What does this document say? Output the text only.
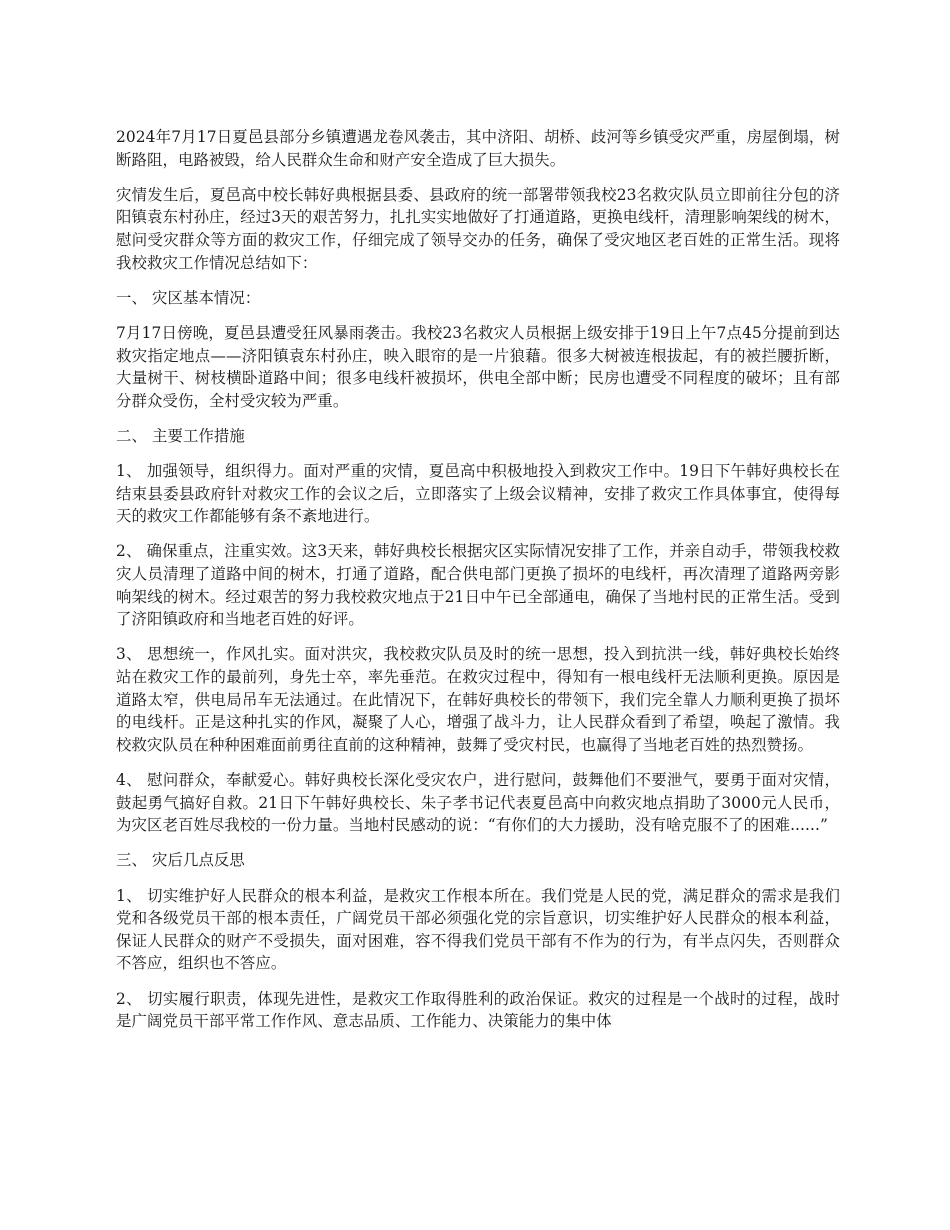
2024年7月17日夏邑县部分乡镇遭遇龙卷风袭击，其中济阳、胡桥、歧河等乡镇受灾严重，房屋倒塌，树断路阻，电路被毁，给人民群众生命和财产安全造成了巨大损失。

灾情发生后，夏邑高中校长韩好典根据县委、县政府的统一部署带领我校23名救灾队员立即前往分包的济阳镇袁东村孙庄，经过3天的艰苦努力，扎扎实实地做好了打通道路，更换电线杆，清理影响架线的树木，慰问受灾群众等方面的救灾工作，仔细完成了领导交办的任务，确保了受灾地区老百姓的正常生活。现将我校救灾工作情况总结如下：

一、 灾区基本情况：

7月17日傍晚，夏邑县遭受狂风暴雨袭击。我校23名救灾人员根据上级安排于19日上午7点45分提前到达救灾指定地点——济阳镇袁东村孙庄，映入眼帘的是一片狼藉。很多大树被连根拔起，有的被拦腰折断，大量树干、树枝横卧道路中间；很多电线杆被损坏，供电全部中断；民房也遭受不同程度的破坏；且有部分群众受伤，全村受灾较为严重。

二、 主要工作措施

1、 加强领导，组织得力。面对严重的灾情，夏邑高中积极地投入到救灾工作中。19日下午韩好典校长在结束县委县政府针对救灾工作的会议之后，立即落实了上级会议精神，安排了救灾工作具体事宜，使得每天的救灾工作都能够有条不紊地进行。

2、 确保重点，注重实效。这3天来，韩好典校长根据灾区实际情况安排了工作，并亲自动手，带领我校救灾人员清理了道路中间的树木，打通了道路，配合供电部门更换了损坏的电线杆，再次清理了道路两旁影响架线的树木。经过艰苦的努力我校救灾地点于21日中午已全部通电，确保了当地村民的正常生活。受到了济阳镇政府和当地老百姓的好评。

3、 思想统一，作风扎实。面对洪灾，我校救灾队员及时的统一思想，投入到抗洪一线，韩好典校长始终站在救灾工作的最前列，身先士卒，率先垂范。在救灾过程中，得知有一根电线杆无法顺利更换。原因是道路太窄，供电局吊车无法通过。在此情况下，在韩好典校长的带领下，我们完全靠人力顺利更换了损坏的电线杆。正是这种扎实的作风，凝聚了人心，增强了战斗力，让人民群众看到了希望，唤起了激情。我校救灾队员在种种困难面前勇往直前的这种精神，鼓舞了受灾村民，也赢得了当地老百姓的热烈赞扬。

4、 慰问群众，奉献爱心。韩好典校长深化受灾农户，进行慰问，鼓舞他们不要泄气，要勇于面对灾情，鼓起勇气搞好自救。21日下午韩好典校长、朱子孝书记代表夏邑高中向救灾地点捐助了3000元人民币，为灾区老百姓尽我校的一份力量。当地村民感动的说：“有你们的大力援助，没有啥克服不了的困难......”

三、 灾后几点反思

1、 切实维护好人民群众的根本利益，是救灾工作根本所在。我们党是人民的党，满足群众的需求是我们党和各级党员干部的根本责任，广阔党员干部必须强化党的宗旨意识，切实维护好人民群众的根本利益，保证人民群众的财产不受损失，面对困难，容不得我们党员干部有不作为的行为，有半点闪失，否则群众不答应，组织也不答应。

2、 切实履行职责，体现先进性，是救灾工作取得胜利的政治保证。救灾的过程是一个战时的过程，战时是广阔党员干部平常工作作风、意志品质、工作能力、决策能力的集中体
